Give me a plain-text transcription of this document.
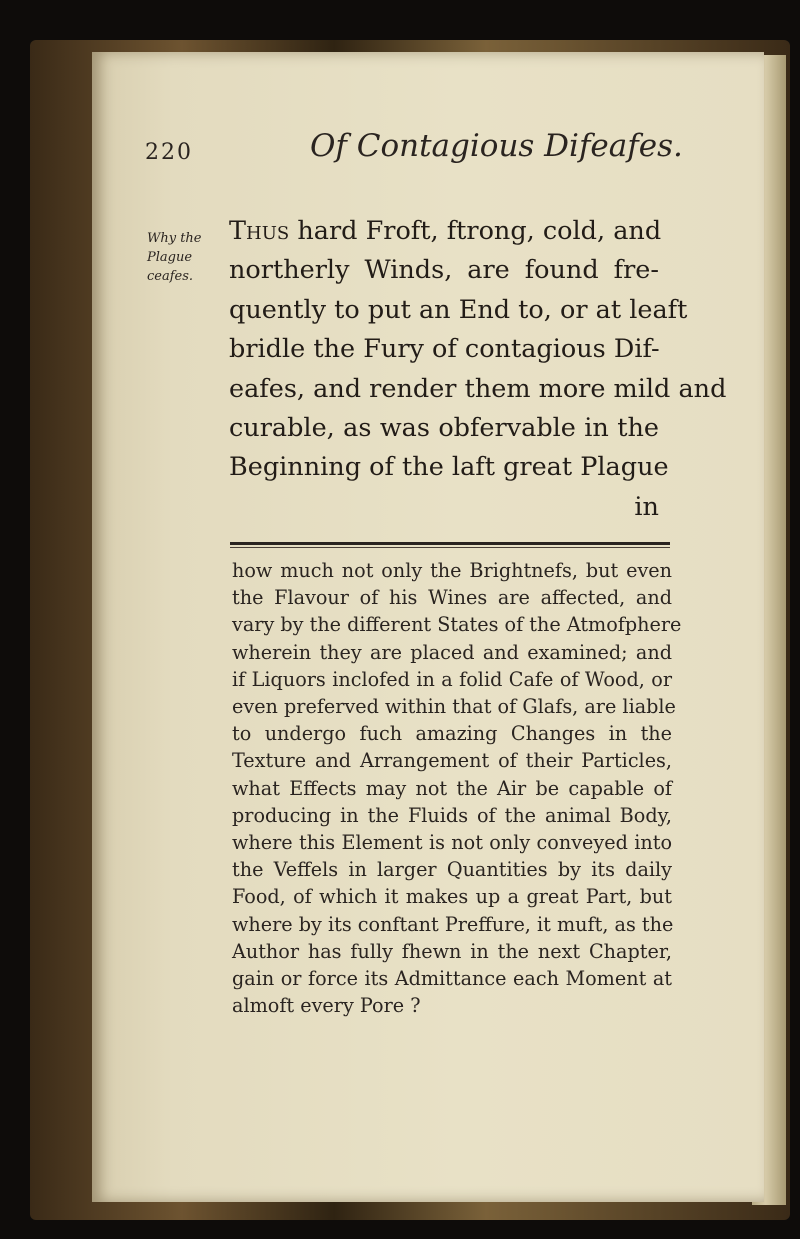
220	Of Contagious Difeafes.
Why the
Plague
ceafes.
Thus hard Froft, ftrong, cold, and
northerly Winds, are found fre-
quently to put an End to, or at leaft
bridle the Fury of contagious Dif-
eafes, and render them more mild and
curable, as was obfervable in the
Beginning of the laft great Plague
in
how much not only the Brightnefs, but even
the Flavour of his Wines are affected, and
vary by the different States of the Atmofphere
wherein they are placed and examined; and
if Liquors inclofed in a folid Cafe of Wood, or
even preferved within that of Glafs, are liable
to undergo fuch amazing Changes in the
Texture and Arrangement of their Particles,
what Effects may not the Air be capable of
producing in the Fluids of the animal Body,
where this Element is not only conveyed into
the Veffels in larger Quantities by its daily
Food, of which it makes up a great Part, but
where by its conftant Preffure, it muft, as the
Author has fully fhewn in the next Chapter,
gain or force its Admittance each Moment at
almoft every Pore ?
